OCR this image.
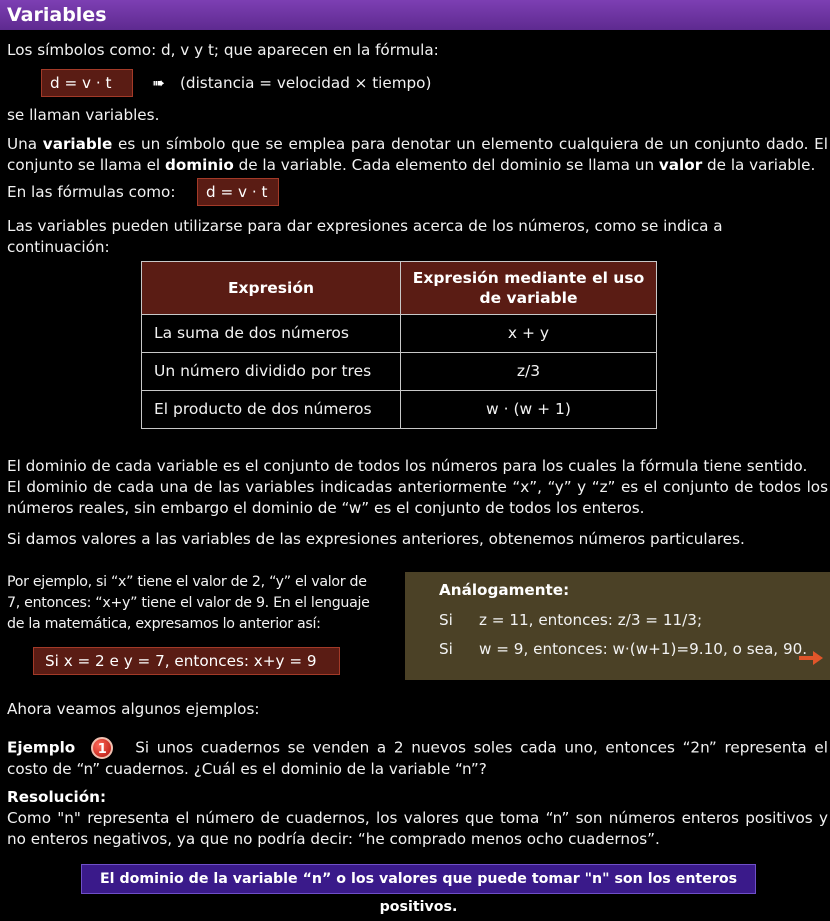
Variables

Los símbolos como: d, v y t; que aparecen en la fórmula:

d = v · t	➠ (distancia = velocidad × tiempo)

se llaman variables.

Una variable es un símbolo que se emplea para denotar un elemento cualquiera de un conjunto dado. El conjunto se llama el dominio de la variable. Cada elemento del dominio se llama un valor de la variable.

En las fórmulas como:	d = v · t

Las variables pueden utilizarse para dar expresiones acerca de los números, como se indica a continuación:

Expresión	Expresión mediante el uso de variable
La suma de dos números	x + y
Un número dividido por tres	z/3
El producto de dos números	w · (w + 1)

El dominio de cada variable es el conjunto de todos los números para los cuales la fórmula tiene sentido.

El dominio de cada una de las variables indicadas anteriormente “x”, “y” y “z” es el conjunto de todos los números reales, sin embargo el dominio de “w” es el conjunto de todos los enteros.

Si damos valores a las variables de las expresiones anteriores, obtenemos números particulares.

Por ejemplo, si “x” tiene el valor de 2, “y” el valor de 7, entonces: “x+y” tiene el valor de 9. En el lenguaje de la matemática, expresamos lo anterior así:
Si x = 2 e y = 7, entonces: x+y = 9
Análogamente:
Si z = 11, entonces: z/3 = 11/3;
Si w = 9, entonces: w·(w+1)=9.10, o sea, 90.

Ahora veamos algunos ejemplos:

Ejemplo 1 Si unos cuadernos se venden a 2 nuevos soles cada uno, entonces “2n” representa el costo de “n” cuadernos. ¿Cuál es el dominio de la variable “n”?

Resolución:

Como "n" representa el número de cuadernos, los valores que toma “n” son números enteros positivos y no enteros negativos, ya que no podría decir: “he comprado menos ocho cuadernos”.

El dominio de la variable “n” o los valores que puede tomar "n" son los enteros positivos.
